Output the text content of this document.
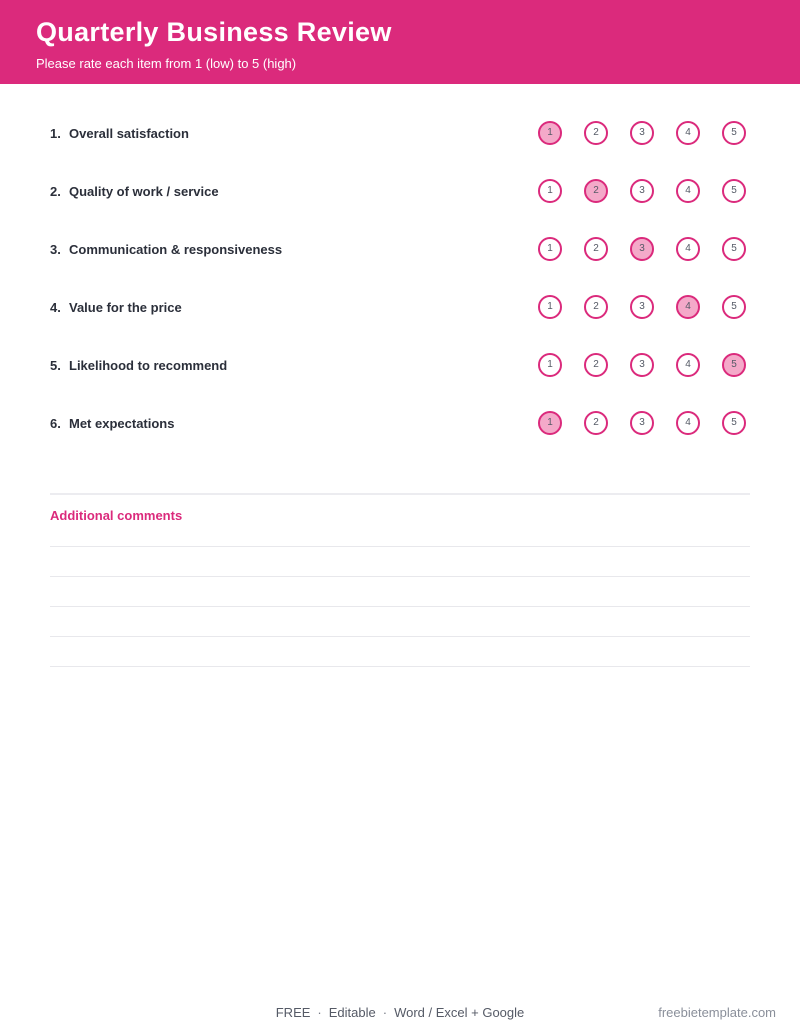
Quarterly Business Review
Please rate each item from 1 (low) to 5 (high)
1. Overall satisfaction	1	2	3	4	5
2. Quality of work / service	1	2	3	4	5
3. Communication & responsiveness	1	2	3	4	5
4. Value for the price	1	2	3	4	5
5. Likelihood to recommend	1	2	3	4	5
6. Met expectations	1	2	3	4	5
Additional comments
FREE · Editable · Word / Excel + Google	freebietemplate.com
